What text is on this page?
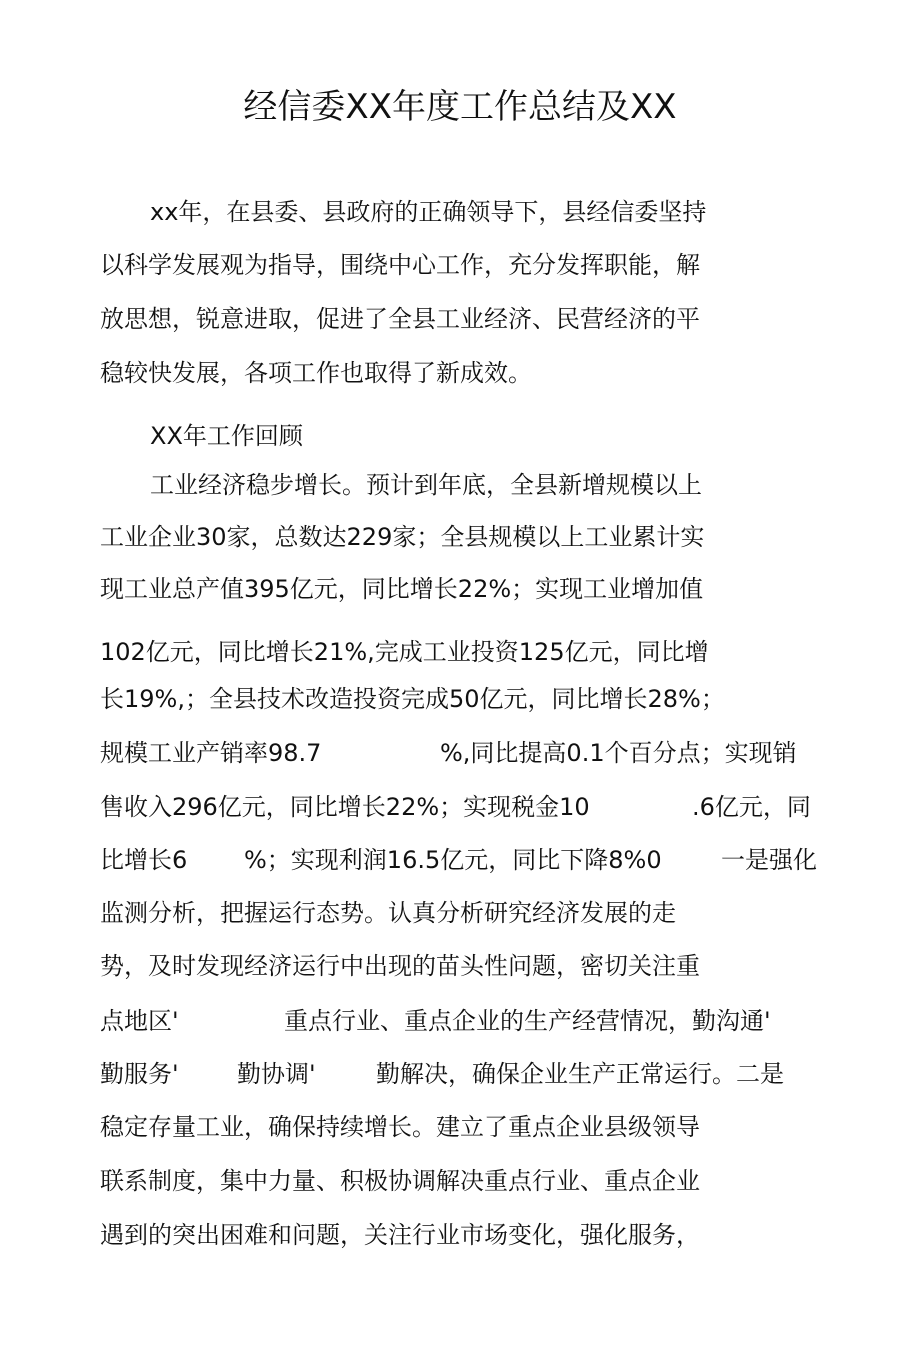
经信委XX年度工作总结及XX
xx年，在县委、县政府的正确领导下，县经信委坚持
以科学发展观为指导，围绕中心工作，充分发挥职能，解
放思想，锐意进取，促进了全县工业经济、民营经济的平
稳较快发展，各项工作也取得了新成效。
XX年工作回顾
工业经济稳步增长。预计到年底，全县新增规模以上
工业企业30家，总数达229家；全县规模以上工业累计实
现工业总产值395亿元，同比增长22%；实现工业增加值
102亿元，同比增长21%,完成工业投资125亿元，同比增
长19%,；全县技术改造投资完成50亿元，同比增长28%；
规模工业产销率98.7	%,同比提高0.1个百分点；实现销
售收入296亿元，同比增长22%；实现税金10	.6亿元，同
比增长6 %；实现利润16.5亿元，同比下降8%0 一是强化
监测分析，把握运行态势。认真分析研究经济发展的走
势，及时发现经济运行中出现的苗头性问题，密切关注重
点地区'	重点行业、重点企业的生产经营情况，勤沟通'
勤服务' 勤协调'	勤解决，确保企业生产正常运行。二是
稳定存量工业，确保持续增长。建立了重点企业县级领导
联系制度，集中力量、积极协调解决重点行业、重点企业
遇到的突出困难和问题，关注行业市场变化，强化服务，
